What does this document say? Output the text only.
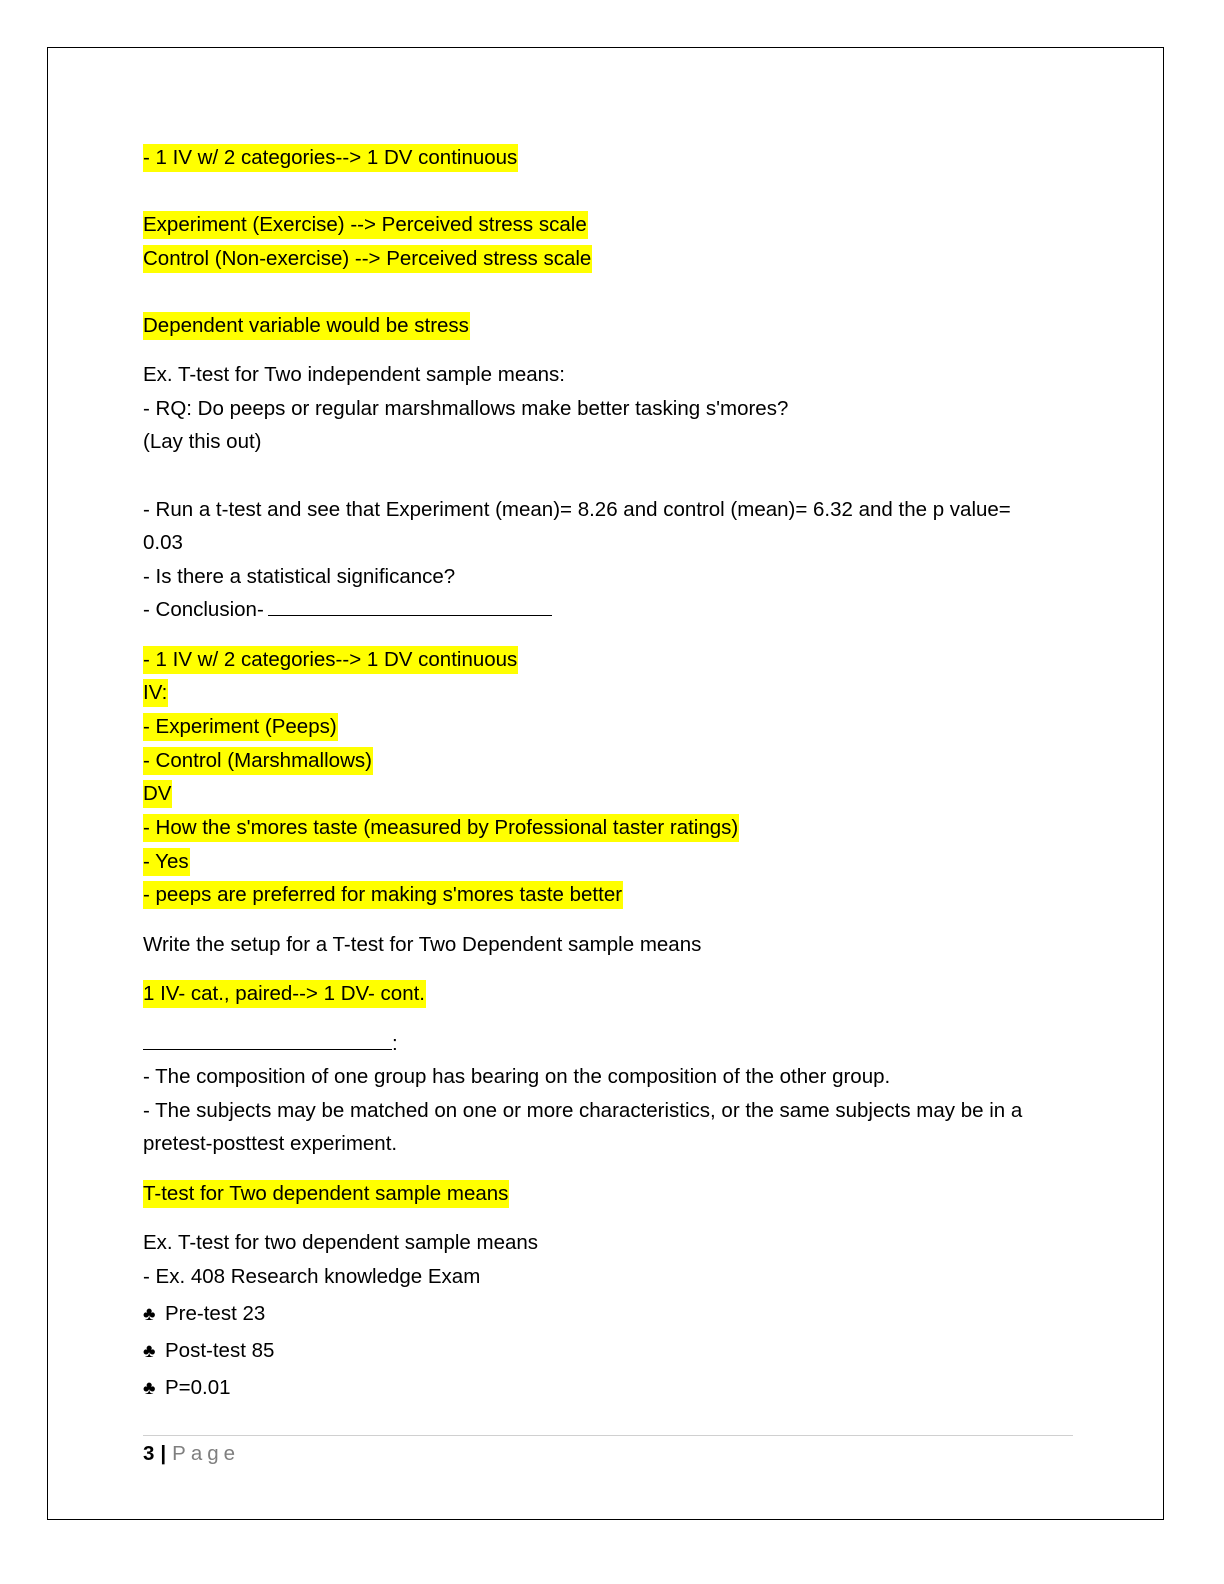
- 1 IV w/ 2 categories--> 1 DV continuous
Experiment (Exercise) --> Perceived stress scale
Control (Non-exercise) --> Perceived stress scale
Dependent variable would be stress
Ex. T-test for Two independent sample means:
- RQ: Do peeps or regular marshmallows make better tasking s'mores?
(Lay this out)
- Run a t-test and see that Experiment (mean)= 8.26 and control (mean)= 6.32 and the p value=
0.03
- Is there a statistical significance?
- Conclusion-
- 1 IV w/ 2 categories--> 1 DV continuous
IV:
- Experiment (Peeps)
- Control (Marshmallows)
DV
- How the s'mores taste (measured by Professional taster ratings)
- Yes
- peeps are preferred for making s'mores taste better
Write the setup for a T-test for Two Dependent sample means
1 IV- cat., paired--> 1 DV- cont.
:
- The composition of one group has bearing on the composition of the other group.
- The subjects may be matched on one or more characteristics, or the same subjects may be in a
pretest-posttest experiment.
T-test for Two dependent sample means
Ex. T-test for two dependent sample means
- Ex. 408 Research knowledge Exam
♣ Pre-test 23
♣ Post-test 85
♣ P=0.01
3 | Page
